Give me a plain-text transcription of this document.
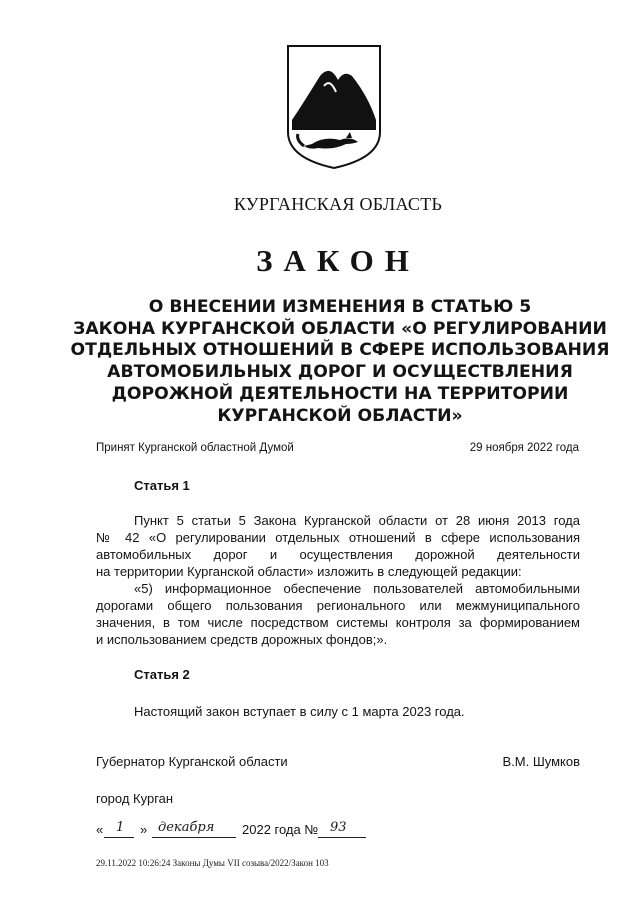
КУРГАНСКАЯ ОБЛАСТЬ
ЗАКОН
О ВНЕСЕНИИ ИЗМЕНЕНИЯ В СТАТЬЮ 5
ЗАКОНА КУРГАНСКОЙ ОБЛАСТИ «О РЕГУЛИРОВАНИИ
ОТДЕЛЬНЫХ ОТНОШЕНИЙ В СФЕРЕ ИСПОЛЬЗОВАНИЯ
АВТОМОБИЛЬНЫХ ДОРОГ И ОСУЩЕСТВЛЕНИЯ
ДОРОЖНОЙ ДЕЯТЕЛЬНОСТИ НА ТЕРРИТОРИИ
КУРГАНСКОЙ ОБЛАСТИ»
Принят Курганской областной Думой	29 ноября 2022 года
Статья 1
Пункт 5 статьи 5 Закона Курганской области от 28 июня 2013 года
№ 42 «О регулировании отдельных отношений в сфере использования
автомобильных дорог и осуществления дорожной деятельности
на территории Курганской области» изложить в следующей редакции:
«5) информационное обеспечение пользователей автомобильными
дорогами общего пользования регионального или межмуниципального
значения, в том числе посредством системы контроля за формированием
и использованием средств дорожных фондов;».
Статья 2
Настоящий закон вступает в силу с 1 марта 2023 года.
Губернатор Курганской области	В.М. Шумков
город Курган
« 1 » декабря 2022 года № 93
29.11.2022 10:26:24 Законы Думы VII созыва/2022/Закон 103
